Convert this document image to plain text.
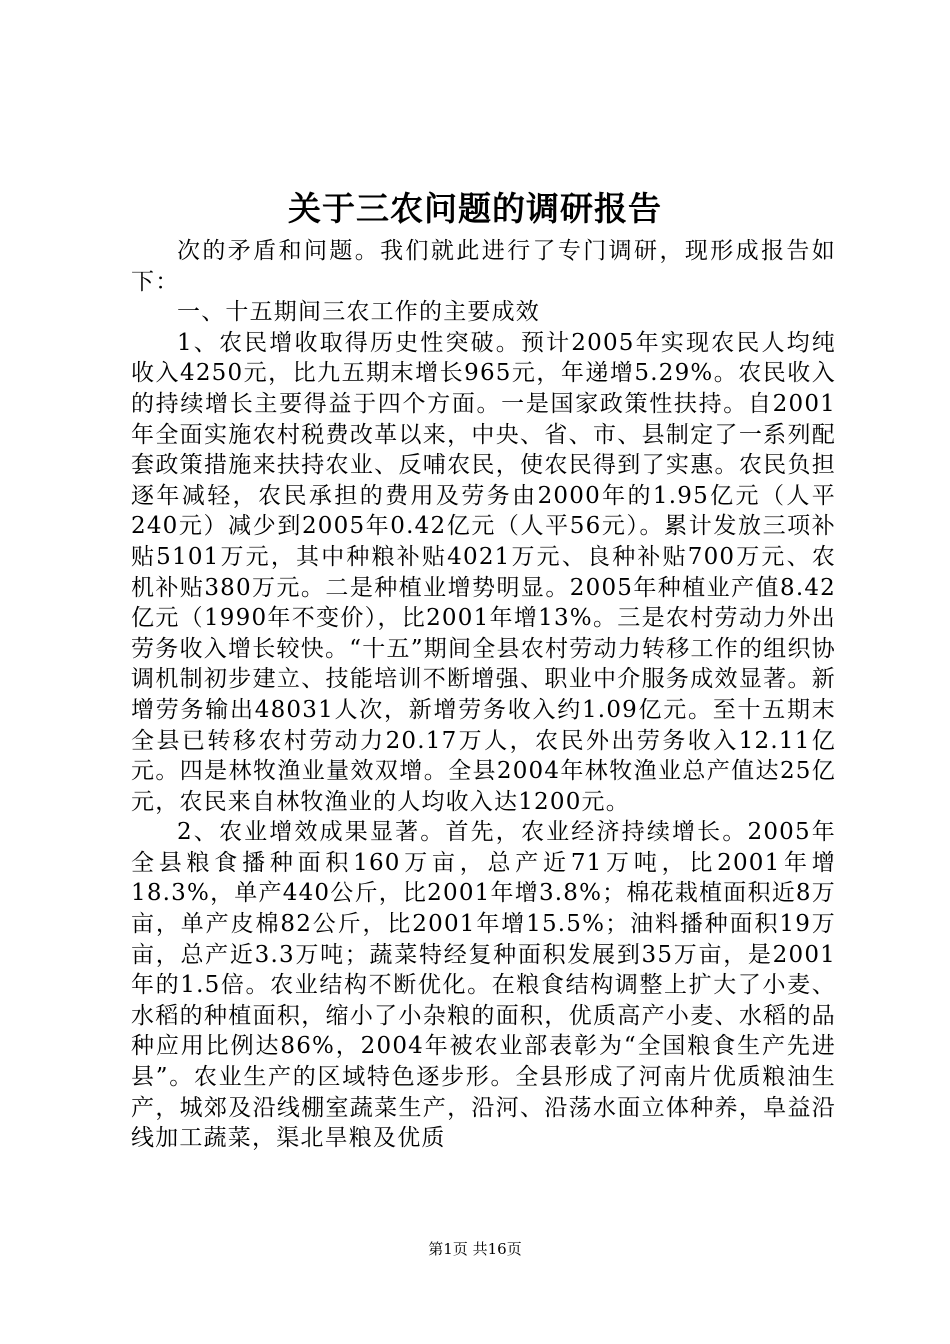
关于三农问题的调研报告

次的矛盾和问题。我们就此进行了专门调研，现形成报告如下：

一、十五期间三农工作的主要成效

1、农民增收取得历史性突破。预计2005年实现农民人均纯收入4250元，比九五期末增长965元，年递增5.29%。农民收入的持续增长主要得益于四个方面。一是国家政策性扶持。自2001年全面实施农村税费改革以来，中央、省、市、县制定了一系列配套政策措施来扶持农业、反哺农民，使农民得到了实惠。农民负担逐年减轻，农民承担的费用及劳务由2000年的1.95亿元（人平240元）减少到2005年0.42亿元（人平56元）。累计发放三项补贴5101万元，其中种粮补贴4021万元、良种补贴700万元、农机补贴380万元。二是种植业增势明显。2005年种植业产值8.42亿元（1990年不变价），比2001年增13%。三是农村劳动力外出劳务收入增长较快。“十五”期间全县农村劳动力转移工作的组织协调机制初步建立、技能培训不断增强、职业中介服务成效显著。新增劳务输出48031人次，新增劳务收入约1.09亿元。至十五期末全县已转移农村劳动力20.17万人，农民外出劳务收入12.11亿元。四是林牧渔业量效双增。全县2004年林牧渔业总产值达25亿元，农民来自林牧渔业的人均收入达1200元。

2、农业增效成果显著。首先，农业经济持续增长。2005年全县粮食播种面积160万亩，总产近71万吨，比2001年增18.3%，单产440公斤，比2001年增3.8%；棉花栽植面积近8万亩，单产皮棉82公斤，比2001年增15.5%；油料播种面积19万亩，总产近3.3万吨；蔬菜特经复种面积发展到35万亩，是2001年的1.5倍。农业结构不断优化。在粮食结构调整上扩大了小麦、水稻的种植面积，缩小了小杂粮的面积，优质高产小麦、水稻的品种应用比例达86%，2004年被农业部表彰为“全国粮食生产先进县”。农业生产的区域特色逐步形。全县形成了河南片优质粮油生产，城郊及沿线棚室蔬菜生产，沿河、沿荡水面立体种养，阜益沿线加工蔬菜，渠北旱粮及优质

第1页 共16页
